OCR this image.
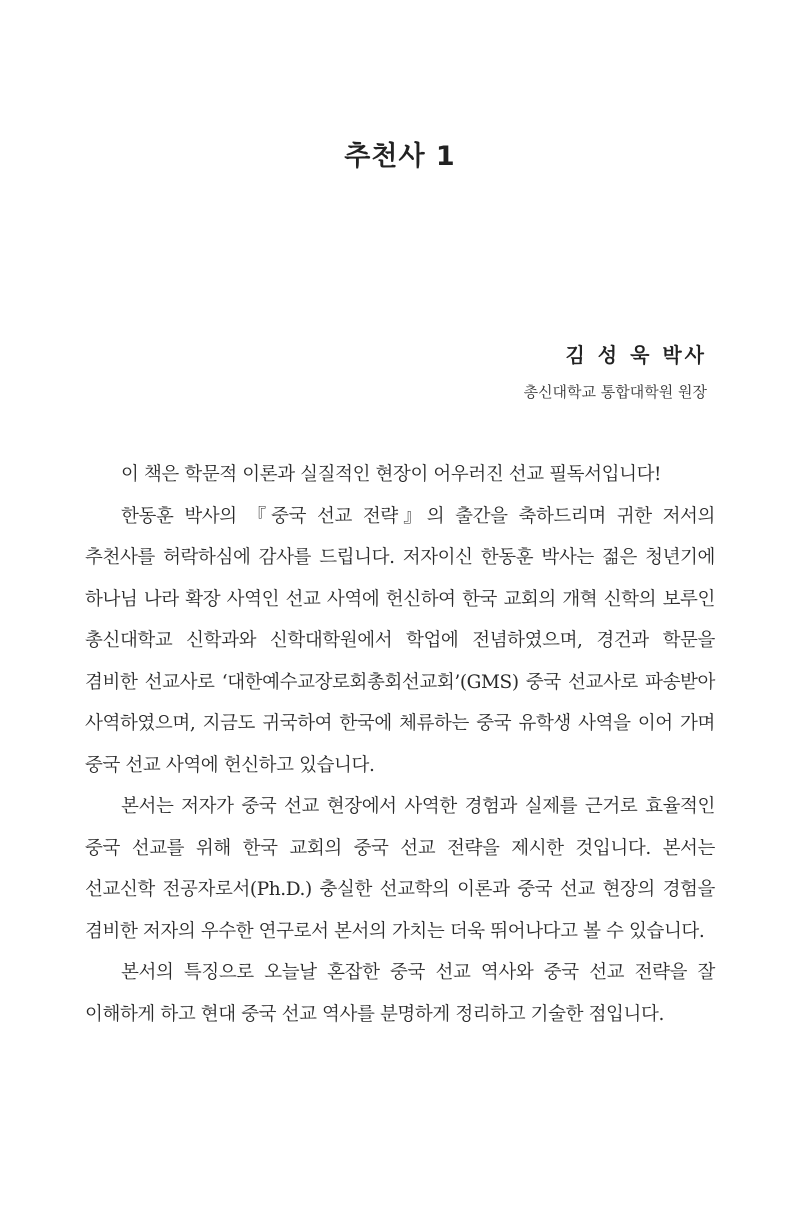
추천사 1

김 성 욱 박사

총신대학교 통합대학원 원장

이 책은 학문적 이론과 실질적인 현장이 어우러진 선교 필독서입니다!

한동훈 박사의 『중국 선교 전략』의 출간을 축하드리며 귀한 저서의 추천사를 허락하심에 감사를 드립니다. 저자이신 한동훈 박사는 젊은 청년기에 하나님 나라 확장 사역인 선교 사역에 헌신하여 한국 교회의 개혁 신학의 보루인 총신대학교 신학과와 신학대학원에서 학업에 전념하였으며, 경건과 학문을 겸비한 선교사로 ‘대한예수교장로회총회선교회’(GMS) 중국 선교사로 파송받아 사역하였으며, 지금도 귀국하여 한국에 체류하는 중국 유학생 사역을 이어 가며 중국 선교 사역에 헌신하고 있습니다.

본서는 저자가 중국 선교 현장에서 사역한 경험과 실제를 근거로 효율적인 중국 선교를 위해 한국 교회의 중국 선교 전략을 제시한 것입니다. 본서는 선교신학 전공자로서(Ph.D.) 충실한 선교학의 이론과 중국 선교 현장의 경험을 겸비한 저자의 우수한 연구로서 본서의 가치는 더욱 뛰어나다고 볼 수 있습니다.

본서의 특징으로 오늘날 혼잡한 중국 선교 역사와 중국 선교 전략을 잘 이해하게 하고 현대 중국 선교 역사를 분명하게 정리하고 기술한 점입니다.
